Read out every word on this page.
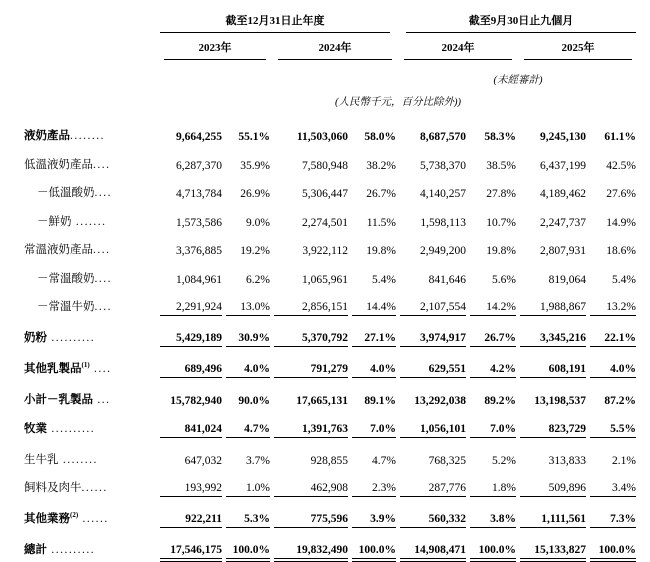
截至12月31日止年度	截至9月30日止九個月
2023年	2024年	2024年	2025年
(未經審計)
(人民幣千元，百分比除外))
液奶產品........	9,664,255	55.1%	11,503,060	58.0%	8,687,570	58.3%	9,245,130	61.1%
低溫液奶產品....	6,287,370	35.9%	7,580,948	38.2%	5,738,370	38.5%	6,437,199	42.5%
－低溫酸奶....	4,713,784	26.9%	5,306,447	26.7%	4,140,257	27.8%	4,189,462	27.6%
－鮮奶 .......	1,573,586	9.0%	2,274,501	11.5%	1,598,113	10.7%	2,247,737	14.9%
常溫液奶產品....	3,376,885	19.2%	3,922,112	19.8%	2,949,200	19.8%	2,807,931	18.6%
－常溫酸奶....	1,084,961	6.2%	1,065,961	5.4%	841,646	5.6%	819,064	5.4%
－常溫牛奶....	2,291,924	13.0%	2,856,151	14.4%	2,107,554	14.2%	1,988,867	13.2%
奶粉 ..........	5,429,189	30.9%	5,370,792	27.1%	3,974,917	26.7%	3,345,216	22.1%
其他乳製品$^{(1)}$ ....	689,496	4.0%	791,279	4.0%	629,551	4.2%	608,191	4.0%
小計－乳製品 ...	15,782,940	90.0%	17,665,131	89.1%	13,292,038	89.2%	13,198,537	87.2%
牧業 ..........	841,024	4.7%	1,391,763	7.0%	1,056,101	7.0%	823,729	5.5%
生牛乳 ........	647,032	3.7%	928,855	4.7%	768,325	5.2%	313,833	2.1%
飼料及肉牛......	193,992	1.0%	462,908	2.3%	287,776	1.8%	509,896	3.4%
其他業務$^{(2)}$ ......	922,211	5.3%	775,596	3.9%	560,332	3.8%	1,111,561	7.3%
總計 ..........	17,546,175 100.0%	19,832,490 100.0%	14,908,471	100.0%	15,133,827	100.0%
